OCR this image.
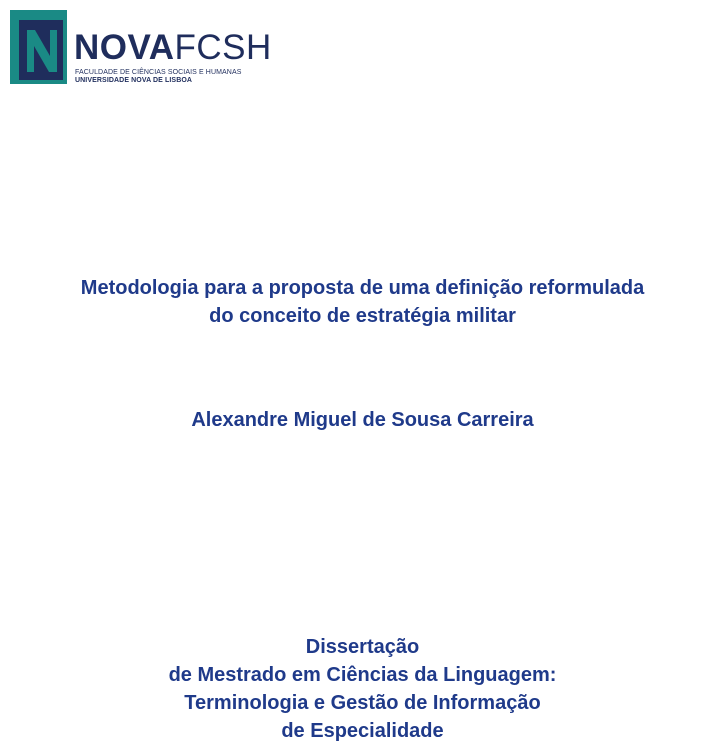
NOVAFCSH
FACULDADE DE CIÊNCIAS SOCIAIS E HUMANAS
UNIVERSIDADE NOVA DE LISBOA
Metodologia para a proposta de uma definição reformulada
do conceito de estratégia militar
Alexandre Miguel de Sousa Carreira
Dissertação
de Mestrado em Ciências da Linguagem:
Terminologia e Gestão de Informação
de Especialidade
